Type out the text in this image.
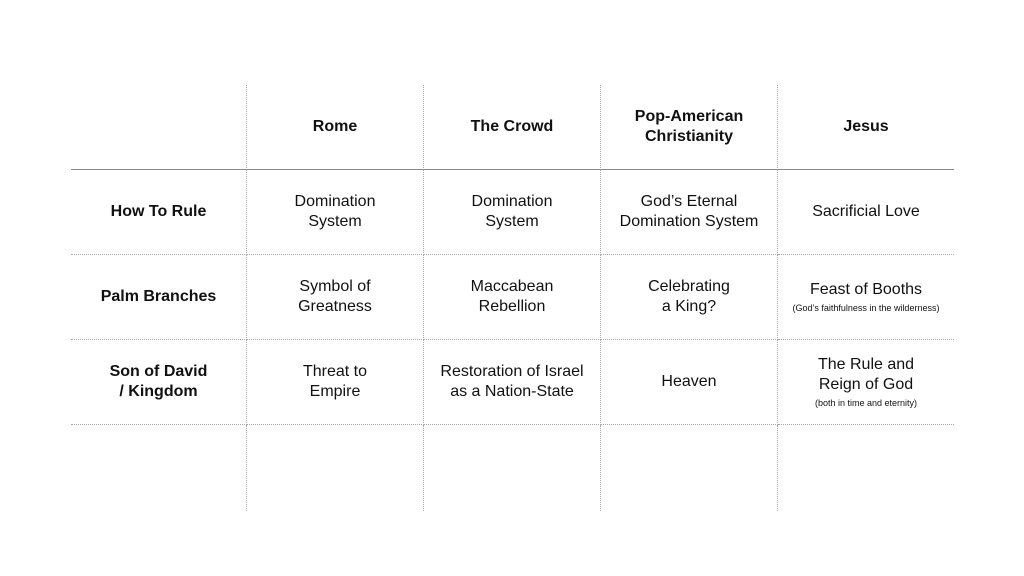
Rome	The Crowd
Pop-American
Christianity
Jesus
How To Rule
Domination
System
Domination
System
God’s Eternal
Domination System
Sacrificial Love
Palm Branches
Symbol of
Greatness
Maccabean
Rebellion
Celebrating
a King?
Feast of Booths
(God’s faithfulness in the wilderness)
Son of David
/ Kingdom
Threat to
Empire
Restoration of Israel
as a Nation-State
Heaven
The Rule and
Reign of God
(both in time and eternity)
